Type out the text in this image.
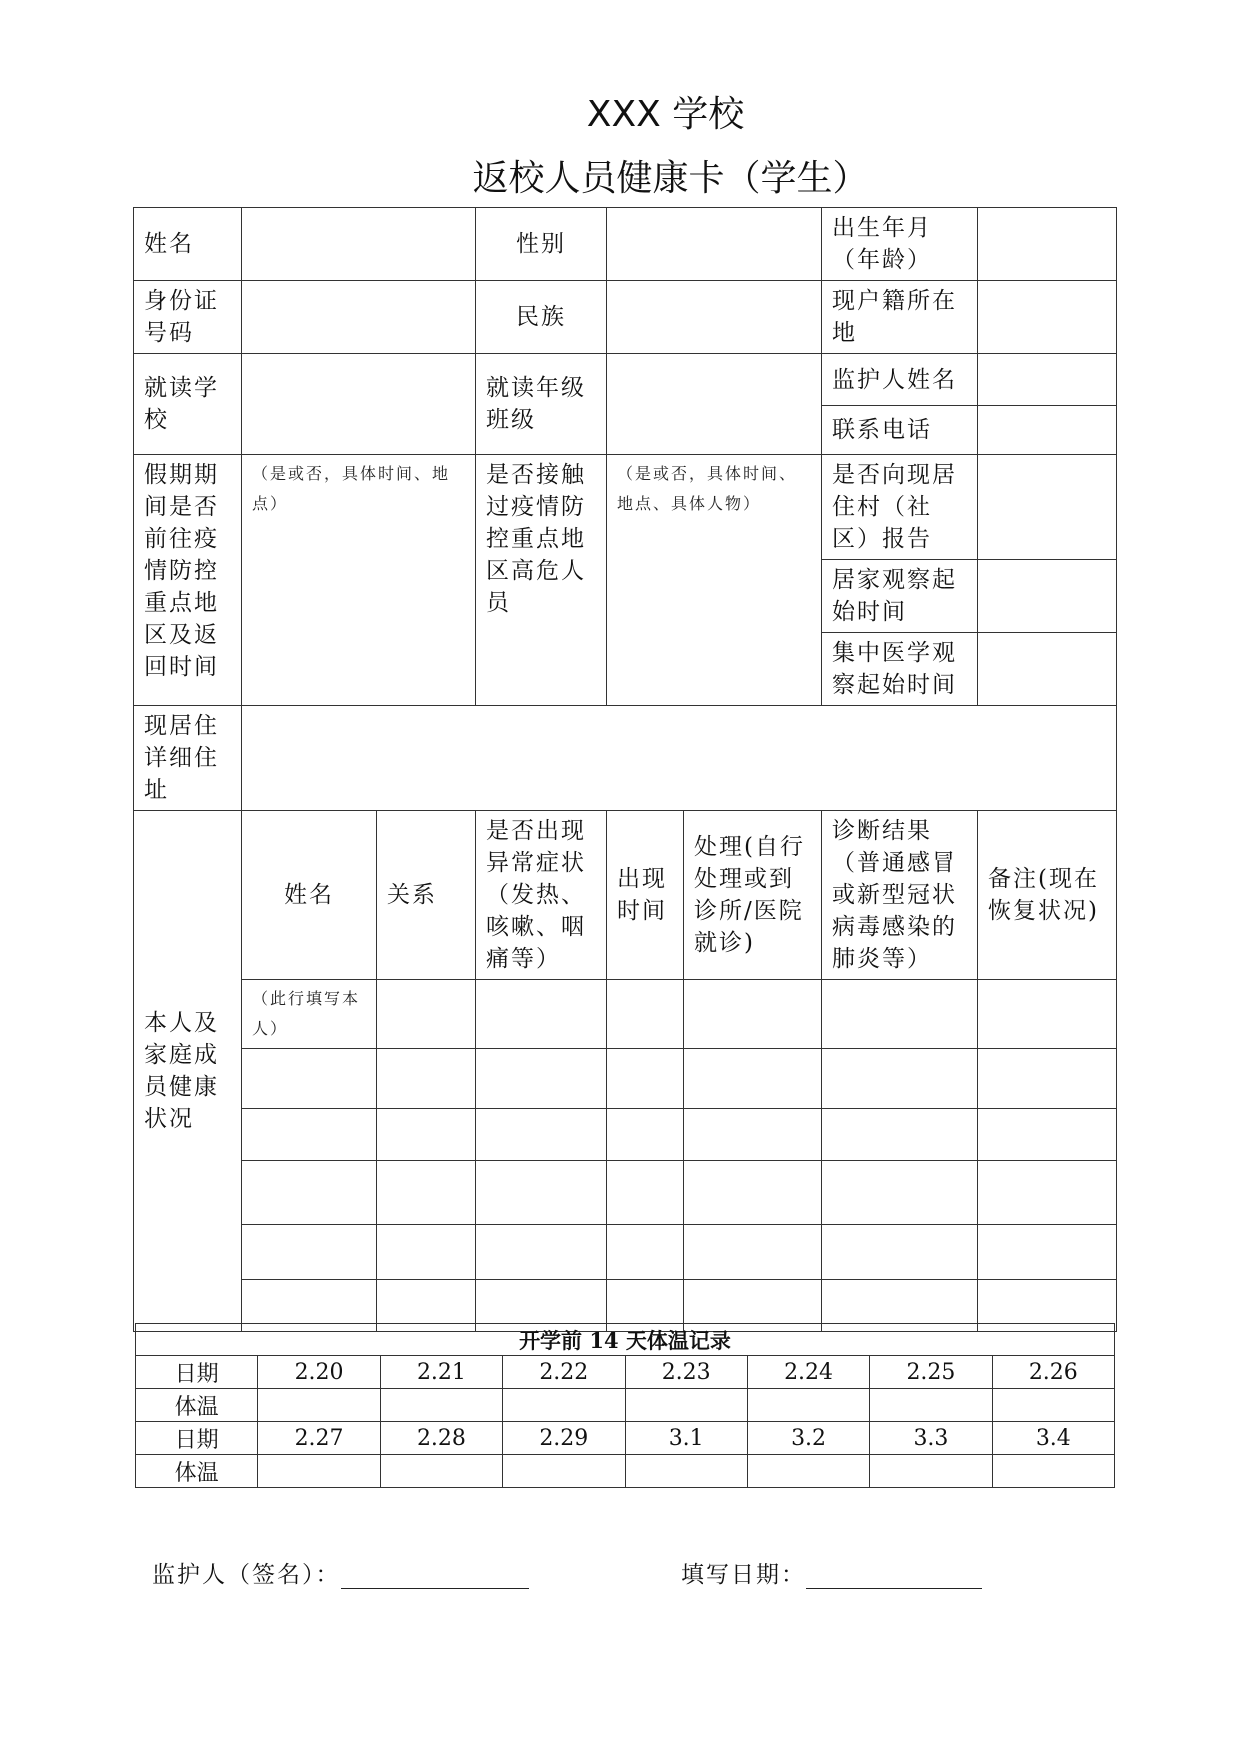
XXX 学校
返校人员健康卡（学生）
姓名			性别			出生年月（年龄）	
身份证号码			民族			现户籍所在地	
就读学校			就读年级班级			监护人姓名	
						联系电话	
假期期间是否前往疫情防控重点地区及返回时间	（是或否，具体时间、地点）		是否接触过疫情防控重点地区高危人员	（是或否，具体时间、地点、具体人物）		是否向现居住村（社区）报告	
						居家观察起始时间	
						集中医学观察起始时间	
现居住详细住址							
本人及家庭成员健康状况	姓名	关系	是否出现异常症状（发热、咳嗽、咽痛等）	出现时间	处理(自行处理或到诊所/医院就诊)	诊断结果（普通感冒或新型冠状病毒感染的肺炎等）	备注(现在恢复状况)
	（此行填写本人）						

开学前 14 天体温记录							
日期	2.20	2.21	2.22	2.23	2.24	2.25	2.26
体温							
日期	2.27	2.28	2.29	3.1	3.2	3.3	3.4
体温							
监护人（签名）：	填写日期：
